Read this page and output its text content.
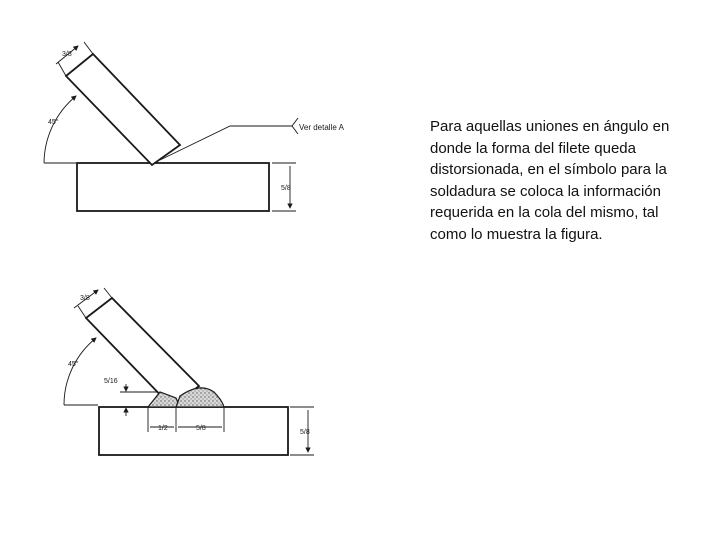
3/8
45°
Ver detalle A
5/8
3/8
45°
5/16
1/2	5/8
5/8

Para aquellas uniones en ángulo en donde la forma del filete queda distorsionada, en el símbolo para la soldadura se coloca la información requerida en la cola del mismo, tal como lo muestra la figura.
